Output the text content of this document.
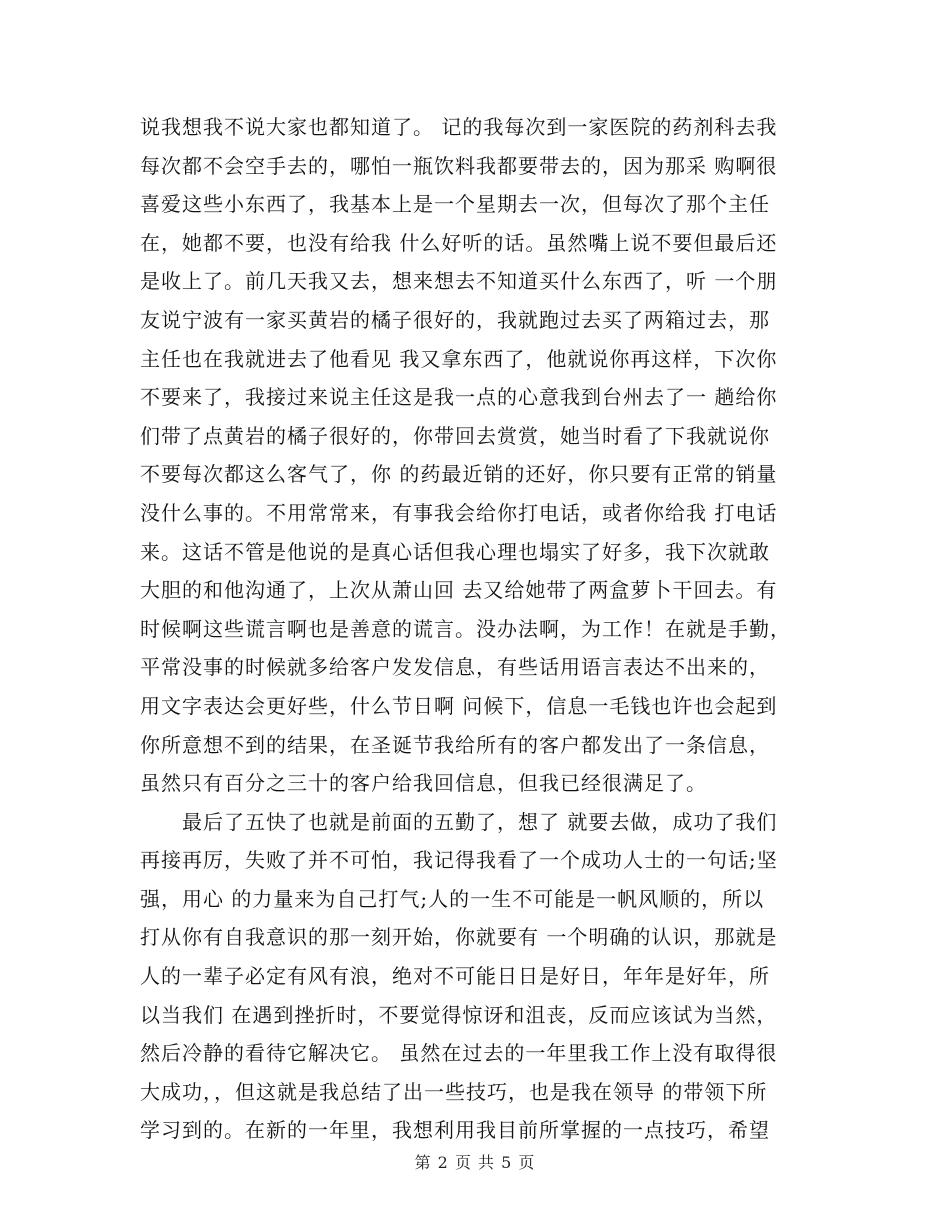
说我想我不说大家也都知道了。 记的我每次到一家医院的药剂科去我
每次都不会空手去的，哪怕一瓶饮料我都要带去的，因为那采 购啊很
喜爱这些小东西了，我基本上是一个星期去一次，但每次了那个主任
在，她都不要，也没有给我 什么好听的话。虽然嘴上说不要但最后还
是收上了。前几天我又去，想来想去不知道买什么东西了，听 一个朋
友说宁波有一家买黄岩的橘子很好的，我就跑过去买了两箱过去，那
主任也在我就进去了他看见 我又拿东西了，他就说你再这样，下次你
不要来了，我接过来说主任这是我一点的心意我到台州去了一 趟给你
们带了点黄岩的橘子很好的，你带回去赏赏，她当时看了下我就说你
不要每次都这么客气了，你 的药最近销的还好，你只要有正常的销量
没什么事的。不用常常来，有事我会给你打电话，或者你给我 打电话
来。这话不管是他说的是真心话但我心理也塌实了好多，我下次就敢
大胆的和他沟通了，上次从萧山回 去又给她带了两盒萝卜干回去。有
时候啊这些谎言啊也是善意的谎言。没办法啊，为工作！在就是手勤，
平常没事的时候就多给客户发发信息，有些话用语言表达不出来的，
用文字表达会更好些，什么节日啊 问候下，信息一毛钱也许也会起到
你所意想不到的结果，在圣诞节我给所有的客户都发出了一条信息，
虽然只有百分之三十的客户给我回信息，但我已经很满足了。
　　最后了五快了也就是前面的五勤了，想了 就要去做，成功了我们
再接再厉，失败了并不可怕，我记得我看了一个成功人士的一句话;坚
强，用心 的力量来为自己打气;人的一生不可能是一帆风顺的，所以
打从你有自我意识的那一刻开始，你就要有 一个明确的认识，那就是
人的一辈子必定有风有浪，绝对不可能日日是好日，年年是好年，所
以当我们 在遇到挫折时，不要觉得惊讶和沮丧，反而应该试为当然，
然后冷静的看待它解决它。 虽然在过去的一年里我工作上没有取得很
大成功，，但这就是我总结了出一些技巧，也是我在领导 的带领下所
学习到的。在新的一年里，我想利用我目前所掌握的一点技巧，希望
第 2 页 共 5 页
